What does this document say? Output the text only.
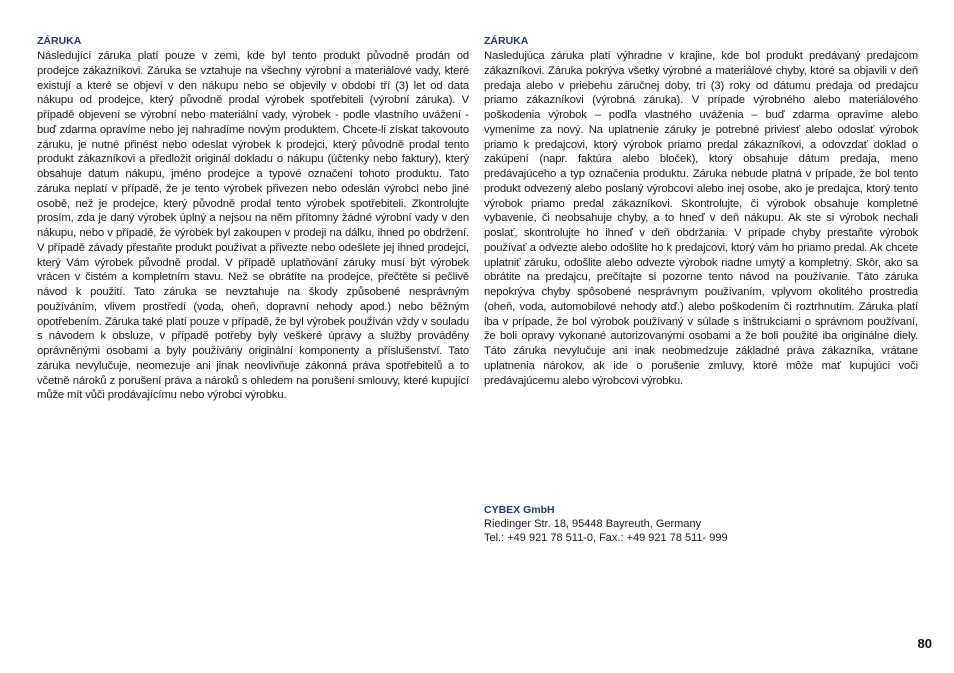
ZÁRUKA

Následující záruka platí pouze v zemi, kde byl tento produkt původně prodán od prodejce zákazníkovi. Záruka se vztahuje na všechny výrobní a materiálové vady, které existují a které se objeví v den nákupu nebo se objevily v období tří (3) let od data nákupu od prodejce, který původně prodal výrobek spotřebiteli (výrobní záruka). V případě objevení se výrobní nebo materiální vady, výrobek - podle vlastního uvážení - buď zdarma opravíme nebo jej nahradíme novým produktem. Chcete-li získat takovouto záruku, je nutné přinést nebo odeslat výrobek k prodejci, který původně prodal tento produkt zákazníkovi a předložit originál dokladu o nákupu (účtenky nebo faktury), který obsahuje datum nákupu, jméno prodejce a typové označení tohoto produktu. Tato záruka neplatí v případě, že je tento výrobek přivezen nebo odeslán výrobci nebo jiné osobě, než je prodejce, který původně prodal tento výrobek spotřebiteli. Zkontrolujte prosím, zda je daný výrobek úplný a nejsou na něm přítomny žádné výrobní vady v den nákupu, nebo v případě, že výrobek byl zakoupen v prodeji na dálku, ihned po obdržení. V případě závady přestaňte produkt používat a přivezte nebo odešlete jej ihned prodejci, který Vám výrobek původně prodal. V případě uplatňování záruky musí být výrobek vrácen v čistém a kompletním stavu. Než se obrátíte na prodejce, přečtěte si pečlivě návod k použití. Tato záruka se nevztahuje na škody způsobené nesprávným používáním, vlivem prostředí (voda, oheň, dopravní nehody apod.) nebo běžným opotřebením. Záruka také platí pouze v případě, že byl výrobek používán vždy v souladu s návodem k obsluze, v případě potřeby byly veškeré úpravy a služby prováděny oprávněnými osobami a byly používány originální komponenty a příslušenství. Tato záruka nevylučuje, neomezuje ani jinak neovlivňuje zákonná práva spotřebitelů a to včetně nároků z porušení práva a nároků s ohledem na porušení smlouvy, které kupující může mít vůči prodávajícímu nebo výrobci výrobku.

ZÁRUKA

Nasledujúca záruka platí výhradne v krajine, kde bol produkt predávaný predajcom zákazníkovi. Záruka pokrýva všetky výrobné a materiálové chyby, ktoré sa objavili v deň predaja alebo v priebehu záručnej doby, tri (3) roky od dátumu predaja od predajcu priamo zákazníkovi (výrobná záruka). V prípade výrobného alebo materiálového poškodenia výrobok – podľa vlastného uváženia – buď zdarma opravíme alebo vymeníme za nový. Na uplatnenie záruky je potrebné priviesť alebo odoslať výrobok priamo k predajcovi, ktorý výrobok priamo predal zákazníkovi, a odovzdať doklad o zakúpení (napr. faktúra alebo bloček), ktorý obsahuje dátum predaja, meno predávajúceho a typ označenia produktu. Záruka nebude platná v prípade, že bol tento produkt odvezený alebo poslaný výrobcovi alebo inej osobe, ako je predajca, ktorý tento výrobok priamo predal zákazníkovi. Skontrolujte, či výrobok obsahuje kompletné vybavenie, či neobsahuje chyby, a to hneď v deň nákupu. Ak ste si výrobok nechali poslať, skontrolujte ho ihneď v deň obdržania. V prípade chyby prestaňte výrobok používať a odvezte alebo odošlite ho k predajcovi, ktorý vám ho priamo predal. Ak chcete uplatniť záruku, odošlite alebo odvezte výrobok riadne umytý a kompletný. Skôr, ako sa obrátite na predajcu, prečítajte si pozorne tento návod na používanie. Táto záruka nepokrýva chyby spôsobené nesprávnym používaním, vplyvom okolitého prostredia (oheň, voda, automobilové nehody atď.) alebo poškodením či roztrhnutím. Záruka platí iba v prípade, že bol výrobok používaný v súlade s inštrukciami o správnom používaní, že boli opravy vykonané autorizovanými osobami a že boli použité iba originálne diely. Táto záruka nevylučuje ani inak neobmedzuje základné práva zákazníka, vrátane uplatnenia nárokov, ak ide o porušenie zmluvy, ktoré môže mať kupujúci voči predávajúcemu alebo výrobcovi výrobku.

CYBEX GmbH
Riedinger Str. 18, 95448 Bayreuth, Germany
Tel.: +49 921 78 511-0, Fax.: +49 921 78 511- 999
80
